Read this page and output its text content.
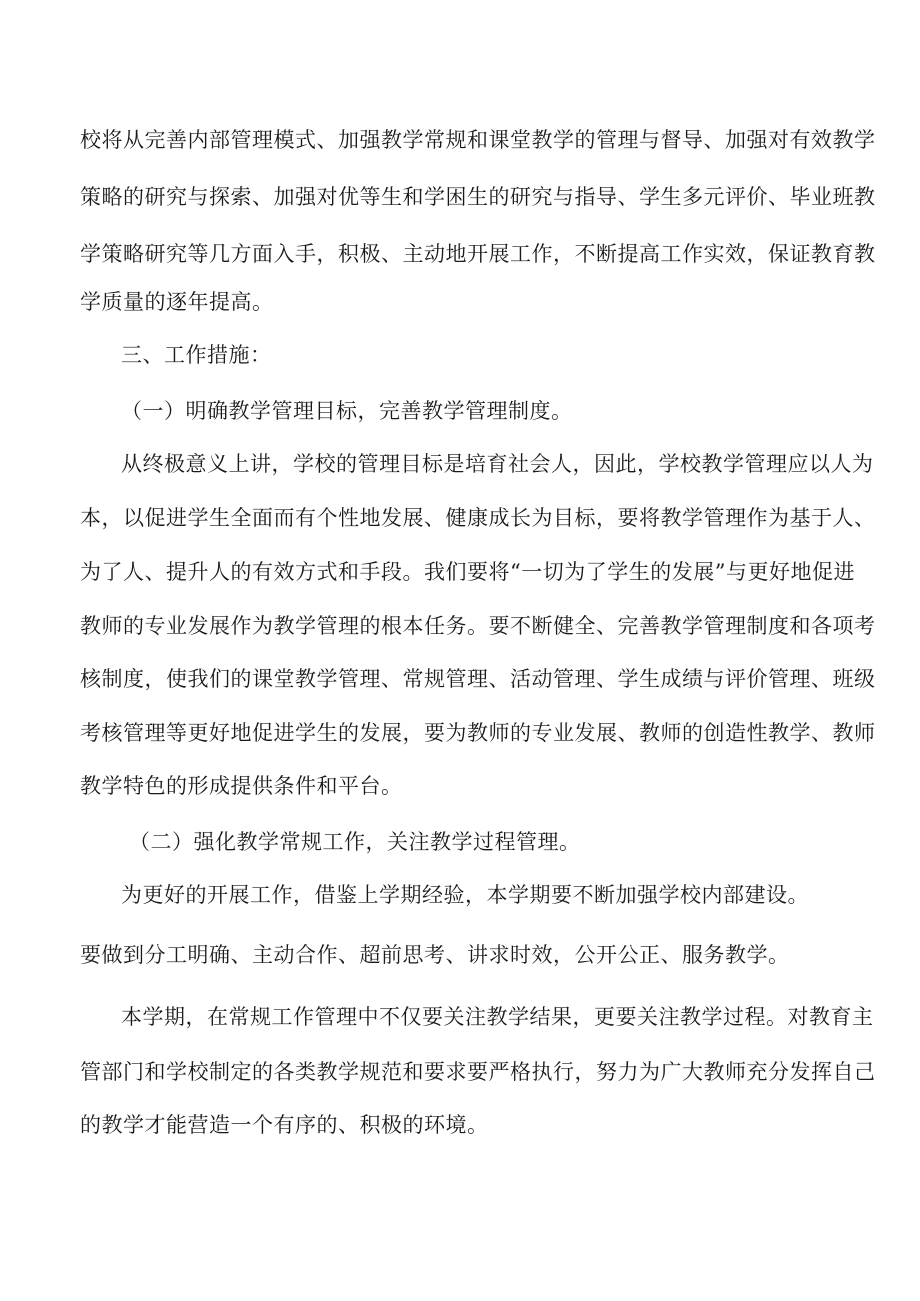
校将从完善内部管理模式、加强教学常规和课堂教学的管理与督导、加强对有效教学
策略的研究与探索、加强对优等生和学困生的研究与指导、学生多元评价、毕业班教
学策略研究等几方面入手，积极、主动地开展工作，不断提高工作实效，保证教育教
学质量的逐年提高。
三、工作措施：
（一）明确教学管理目标，完善教学管理制度。
从终极意义上讲，学校的管理目标是培育社会人，因此，学校教学管理应以人为
本，以促进学生全面而有个性地发展、健康成长为目标，要将教学管理作为基于人、
为了人、提升人的有效方式和手段。我们要将“一切为了学生的发展”与更好地促进
教师的专业发展作为教学管理的根本任务。要不断健全、完善教学管理制度和各项考
核制度，使我们的课堂教学管理、常规管理、活动管理、学生成绩与评价管理、班级
考核管理等更好地促进学生的发展，要为教师的专业发展、教师的创造性教学、教师
教学特色的形成提供条件和平台。
（二）强化教学常规工作，关注教学过程管理。
为更好的开展工作，借鉴上学期经验，本学期要不断加强学校内部建设。
要做到分工明确、主动合作、超前思考、讲求时效，公开公正、服务教学。
本学期，在常规工作管理中不仅要关注教学结果，更要关注教学过程。对教育主
管部门和学校制定的各类教学规范和要求要严格执行，努力为广大教师充分发挥自己
的教学才能营造一个有序的、积极的环境。
